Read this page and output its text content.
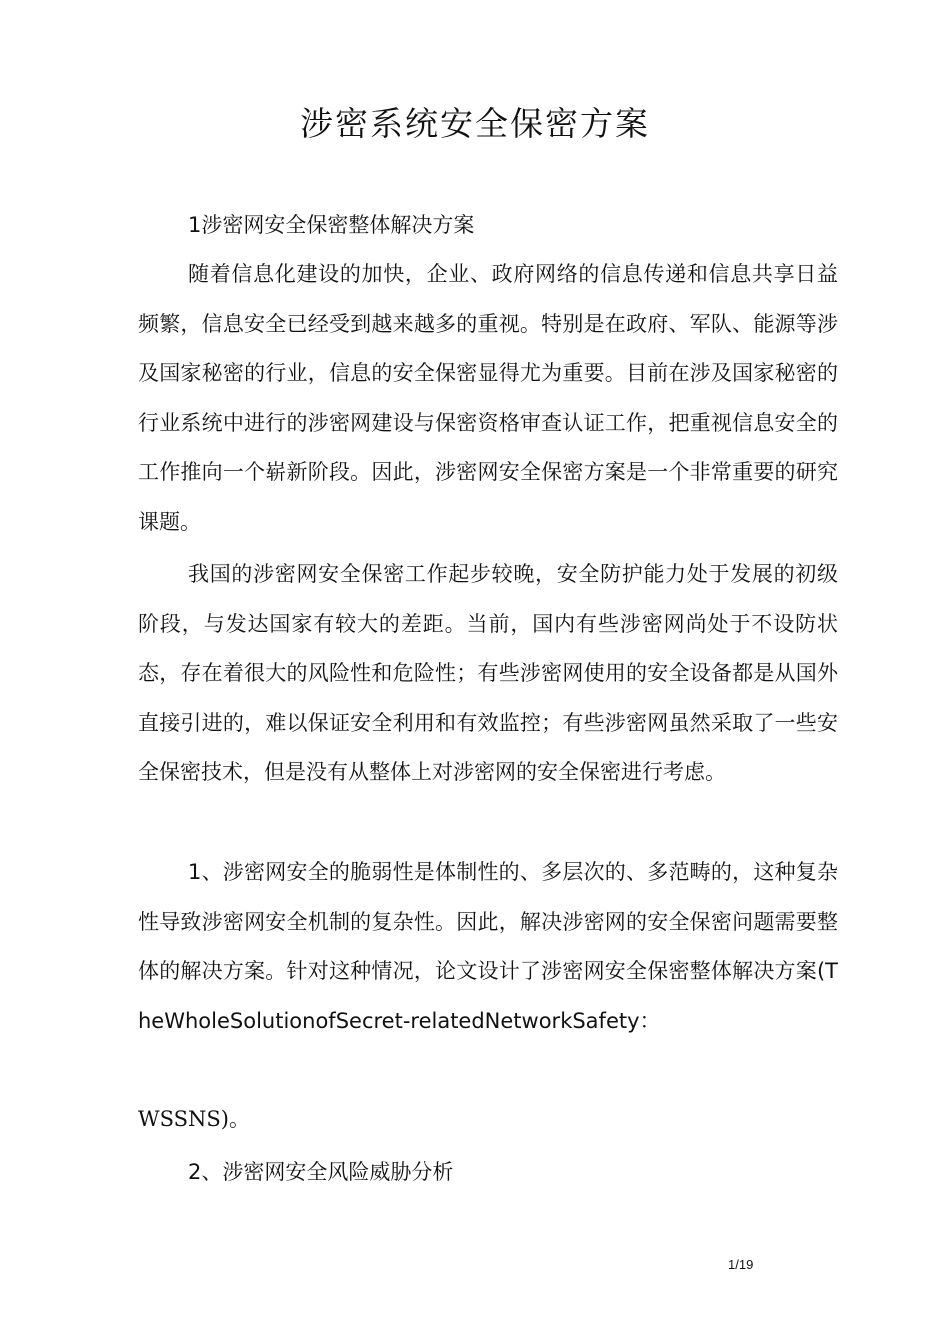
涉密系统安全保密方案
1涉密网安全保密整体解决方案

随着信息化建设的加快，企业、政府网络的信息传递和信息共享日益频繁，信息安全已经受到越来越多的重视。特别是在政府、军队、能源等涉及国家秘密的行业，信息的安全保密显得尤为重要。目前在涉及国家秘密的行业系统中进行的涉密网建设与保密资格审查认证工作，把重视信息安全的工作推向一个崭新阶段。因此，涉密网安全保密方案是一个非常重要的研究课题。

我国的涉密网安全保密工作起步较晚，安全防护能力处于发展的初级阶段，与发达国家有较大的差距。当前，国内有些涉密网尚处于不设防状态，存在着很大的风险性和危险性；有些涉密网使用的安全设备都是从国外直接引进的，难以保证安全利用和有效监控；有些涉密网虽然采取了一些安全保密技术，但是没有从整体上对涉密网的安全保密进行考虑。

1、涉密网安全的脆弱性是体制性的、多层次的、多范畴的，这种复杂性导致涉密网安全机制的复杂性。因此，解决涉密网的安全保密问题需要整体的解决方案。针对这种情况，论文设计了涉密网安全保密整体解决方案(TheWholeSolutionofSecret-relatedNetworkSafety：

WSSNS)。

2、涉密网安全风险威胁分析
1/19
